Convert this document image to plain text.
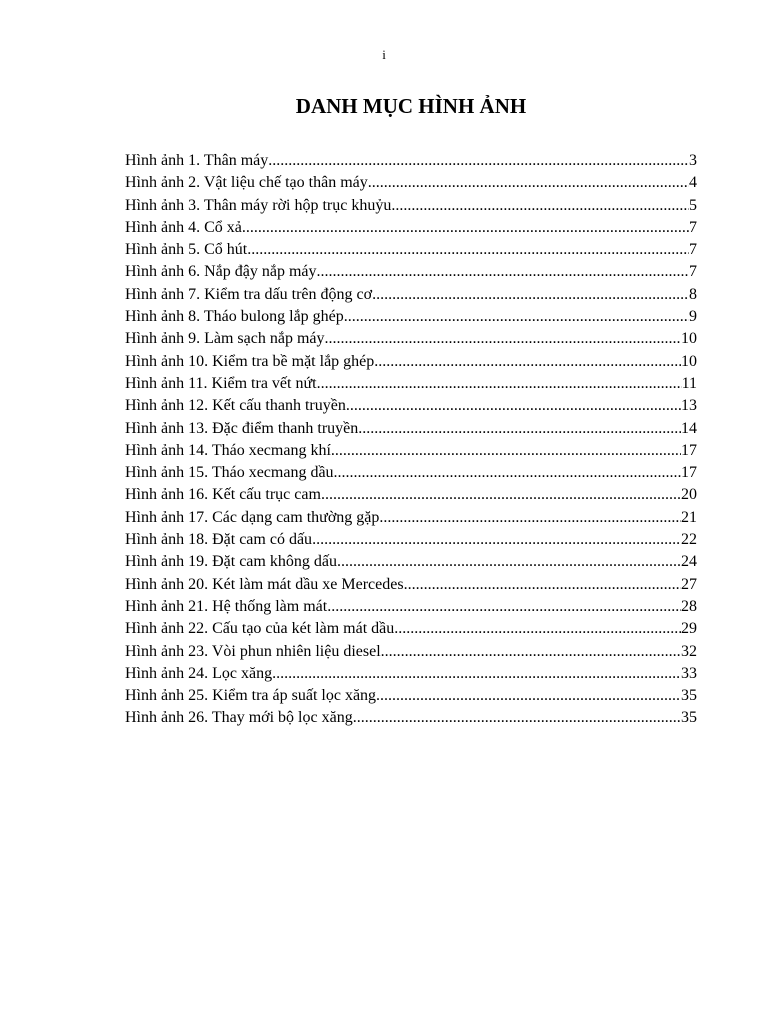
i
DANH MỤC HÌNH ẢNH
Hình ảnh 1. Thân máy .....	3
Hình ảnh 2. Vật liệu chế tạo thân máy .....	4
Hình ảnh 3. Thân máy rời hộp trục khuỷu .....	5
Hình ảnh 4. Cổ xả .....	7
Hình ảnh 5. Cổ hút .....	7
Hình ảnh 6. Nắp đậy nắp máy .....	7
Hình ảnh 7. Kiểm tra dấu trên động cơ .....	8
Hình ảnh 8. Tháo bulong lắp ghép .....	9
Hình ảnh 9. Làm sạch nắp máy .....	10
Hình ảnh 10. Kiểm tra bề mặt lắp ghép .....	10
Hình ảnh 11. Kiểm tra vết nứt .....	11
Hình ảnh 12. Kết cấu thanh truyền .....	13
Hình ảnh 13. Đặc điểm thanh truyền .....	14
Hình ảnh 14. Tháo xecmang khí .....	17
Hình ảnh 15. Tháo xecmang dầu .....	17
Hình ảnh 16. Kết cấu trục cam .....	20
Hình ảnh 17. Các dạng cam thường gặp .....	21
Hình ảnh 18. Đặt cam có dấu .....	22
Hình ảnh 19. Đặt cam không dấu .....	24
Hình ảnh 20. Két làm mát dầu xe Mercedes .....	27
Hình ảnh 21. Hệ thống làm mát .....	28
Hình ảnh 22. Cấu tạo của két làm mát dầu .....	29
Hình ảnh 23. Vòi phun nhiên liệu diesel .....	32
Hình ảnh 24. Lọc xăng .....	33
Hình ảnh 25. Kiểm tra áp suất lọc xăng .....	35
Hình ảnh 26. Thay mới bộ lọc xăng .....	35
